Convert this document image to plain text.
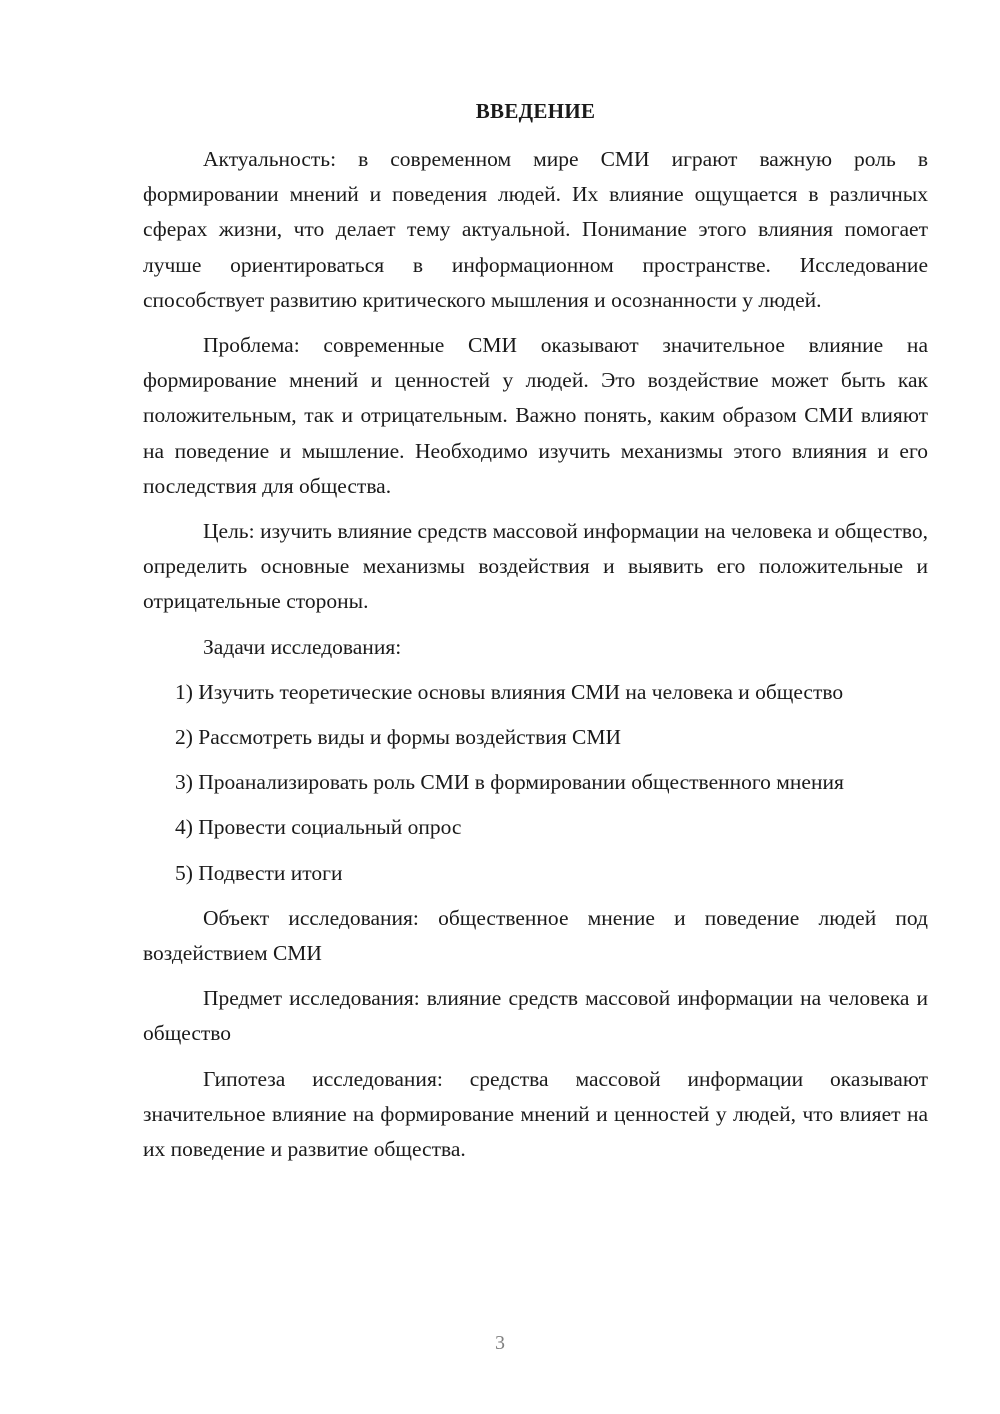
ВВЕДЕНИЕ

Актуальность: в современном мире СМИ играют важную роль в формировании мнений и поведения людей. Их влияние ощущается в различных сферах жизни, что делает тему актуальной. Понимание этого влияния помогает лучше ориентироваться в информационном пространстве. Исследование способствует развитию критического мышления и осознанности у людей.

Проблема: современные СМИ оказывают значительное влияние на формирование мнений и ценностей у людей. Это воздействие может быть как положительным, так и отрицательным. Важно понять, каким образом СМИ влияют на поведение и мышление. Необходимо изучить механизмы этого влияния и его последствия для общества.

Цель: изучить влияние средств массовой информации на человека и общество, определить основные механизмы воздействия и выявить его положительные и отрицательные стороны.

Задачи исследования:

1) Изучить теоретические основы влияния СМИ на человека и общество

2) Рассмотреть виды и формы воздействия СМИ

3) Проанализировать роль СМИ в формировании общественного мнения

4) Провести социальный опрос

5) Подвести итоги

Объект исследования: общественное мнение и поведение людей под воздействием СМИ

Предмет исследования: влияние средств массовой информации на человека и общество

Гипотеза исследования: средства массовой информации оказывают значительное влияние на формирование мнений и ценностей у людей, что влияет на их поведение и развитие общества.

3
